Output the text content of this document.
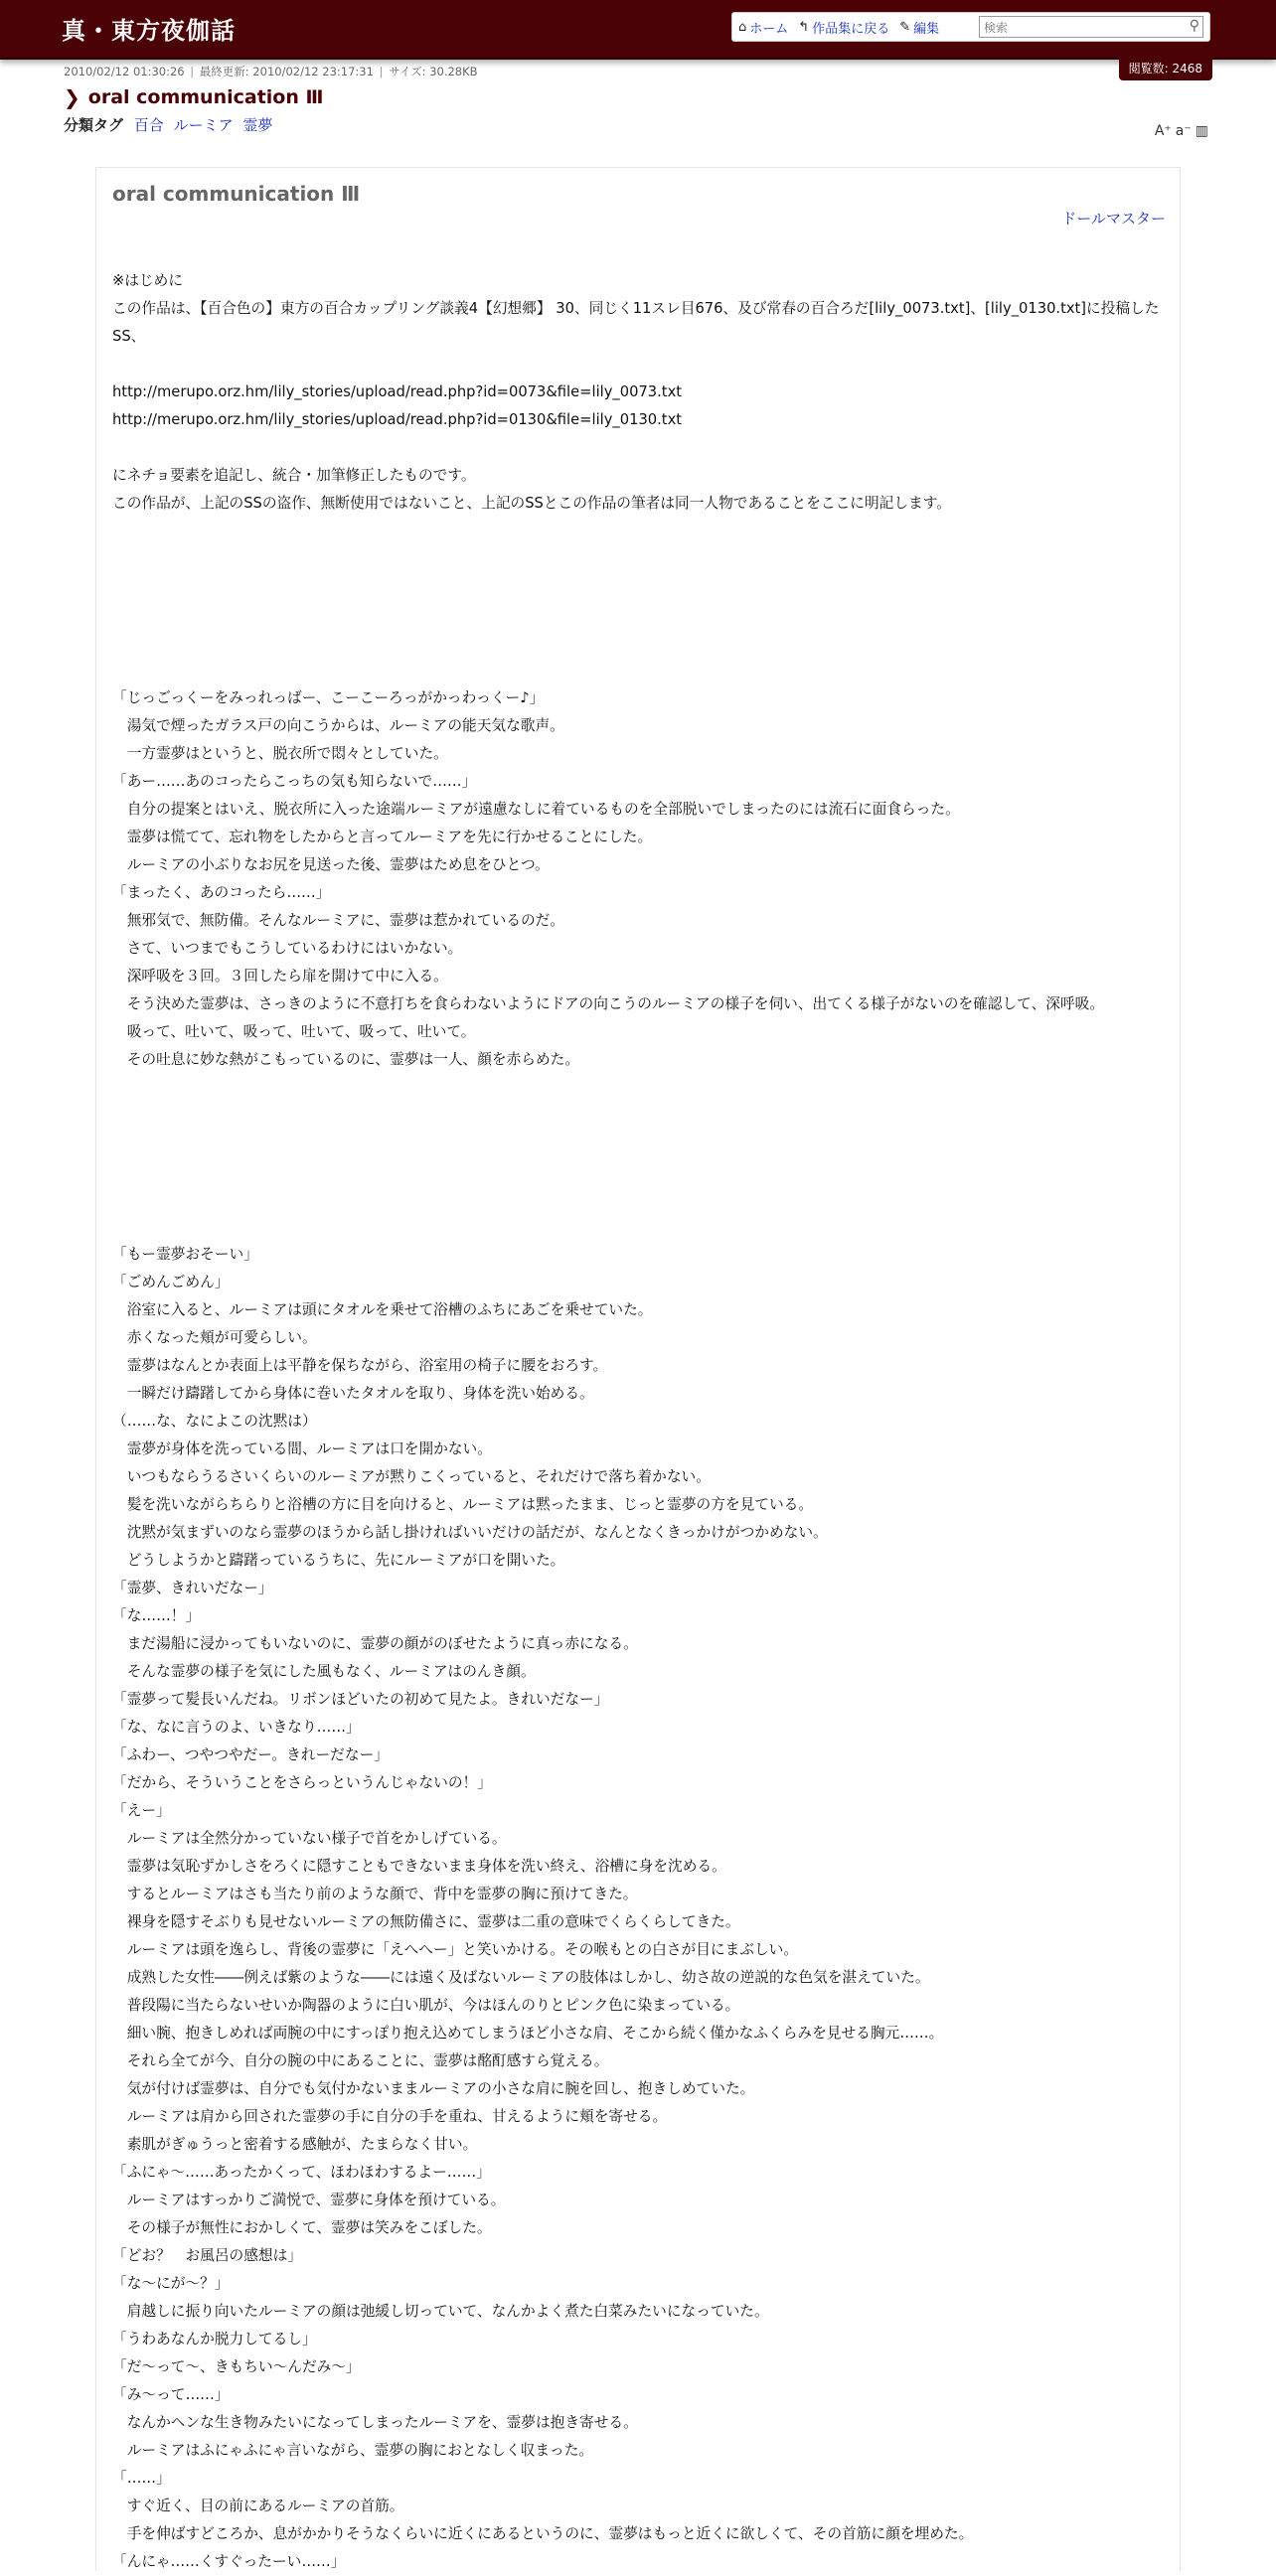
真・東方夜伽話	⌂ ホーム ↰ 作品集に戻る ✎ 編集
検索	⚲
閲覧数: 2468
2010/02/12 01:30:26 | 最終更新: 2010/02/12 23:17:31 | サイズ: 30.28KB
❯ oral communication Ⅲ
分類タグ 百合 ルーミア 霊夢	A⁺ a⁻ ▥
oral communication Ⅲ
ドールマスター

※はじめに

この作品は、【百合色の】東方の百合カップリング談義4【幻想郷】 30、同じく11スレ目676、及び常春の百合ろだ[lily_0073.txt]、[lily_0130.txt]に投稿したSS、

http://merupo.orz.hm/lily_stories/upload/read.php?id=0073&file=lily_0073.txt

http://merupo.orz.hm/lily_stories/upload/read.php?id=0130&file=lily_0130.txt

にネチョ要素を追記し、統合・加筆修正したものです。

この作品が、上記のSSの盗作、無断使用ではないこと、上記のSSとこの作品の筆者は同一人物であることをここに明記します。

「じっごっくーをみっれっばー、こーこーろっがかっわっくー♪」

　湯気で煙ったガラス戸の向こうからは、ルーミアの能天気な歌声。

　一方霊夢はというと、脱衣所で悶々としていた。

「あー……あのコったらこっちの気も知らないで……」

　自分の提案とはいえ、脱衣所に入った途端ルーミアが遠慮なしに着ているものを全部脱いでしまったのには流石に面食らった。

　霊夢は慌てて、忘れ物をしたからと言ってルーミアを先に行かせることにした。

　ルーミアの小ぶりなお尻を見送った後、霊夢はため息をひとつ。

「まったく、あのコったら……」

　無邪気で、無防備。そんなルーミアに、霊夢は惹かれているのだ。

　さて、いつまでもこうしているわけにはいかない。

　深呼吸を３回。３回したら扉を開けて中に入る。

　そう決めた霊夢は、さっきのように不意打ちを食らわないようにドアの向こうのルーミアの様子を伺い、出てくる様子がないのを確認して、深呼吸。

　吸って、吐いて、吸って、吐いて、吸って、吐いて。

　その吐息に妙な熱がこもっているのに、霊夢は一人、顔を赤らめた。

「もー霊夢おそーい」

「ごめんごめん」

　浴室に入ると、ルーミアは頭にタオルを乗せて浴槽のふちにあごを乗せていた。

　赤くなった頬が可愛らしい。

　霊夢はなんとか表面上は平静を保ちながら、浴室用の椅子に腰をおろす。

　一瞬だけ躊躇してから身体に巻いたタオルを取り、身体を洗い始める。

（……な、なによこの沈黙は）

　霊夢が身体を洗っている間、ルーミアは口を開かない。

　いつもならうるさいくらいのルーミアが黙りこくっていると、それだけで落ち着かない。

　髪を洗いながらちらりと浴槽の方に目を向けると、ルーミアは黙ったまま、じっと霊夢の方を見ている。

　沈黙が気まずいのなら霊夢のほうから話し掛ければいいだけの話だが、なんとなくきっかけがつかめない。

　どうしようかと躊躇っているうちに、先にルーミアが口を開いた。

「霊夢、きれいだなー」

「な……！」

　まだ湯船に浸かってもいないのに、霊夢の顔がのぼせたように真っ赤になる。

　そんな霊夢の様子を気にした風もなく、ルーミアはのんき顔。

「霊夢って髪長いんだね。リボンほどいたの初めて見たよ。きれいだなー」

「な、なに言うのよ、いきなり……」

「ふわー、つやつやだー。きれーだなー」

「だから、そういうことをさらっというんじゃないの！」

「えー」

　ルーミアは全然分かっていない様子で首をかしげている。

　霊夢は気恥ずかしさをろくに隠すこともできないまま身体を洗い終え、浴槽に身を沈める。

　するとルーミアはさも当たり前のような顔で、背中を霊夢の胸に預けてきた。

　裸身を隠すそぶりも見せないルーミアの無防備さに、霊夢は二重の意味でくらくらしてきた。

　ルーミアは頭を逸らし、背後の霊夢に「えへへー」と笑いかける。その喉もとの白さが目にまぶしい。

　成熟した女性――例えば紫のような――には遠く及ばないルーミアの肢体はしかし、幼さ故の逆説的な色気を湛えていた。

　普段陽に当たらないせいか陶器のように白い肌が、今はほんのりとピンク色に染まっている。

　細い腕、抱きしめれば両腕の中にすっぽり抱え込めてしまうほど小さな肩、そこから続く僅かなふくらみを見せる胸元……。

　それら全てが今、自分の腕の中にあることに、霊夢は酩酊感すら覚える。

　気が付けば霊夢は、自分でも気付かないままルーミアの小さな肩に腕を回し、抱きしめていた。

　ルーミアは肩から回された霊夢の手に自分の手を重ね、甘えるように頬を寄せる。

　素肌がぎゅうっと密着する感触が、たまらなく甘い。

「ふにゃ～……あったかくって、ほわほわするよー……」

　ルーミアはすっかりご満悦で、霊夢に身体を預けている。

　その様子が無性におかしくて、霊夢は笑みをこぼした。

「どお？　お風呂の感想は」

「な～にが～？」

　肩越しに振り向いたルーミアの顔は弛緩し切っていて、なんかよく煮た白菜みたいになっていた。

「うわあなんか脱力してるし」

「だ～って～、きもちい～んだみ～」

「み～って……」

　なんかヘンな生き物みたいになってしまったルーミアを、霊夢は抱き寄せる。

　ルーミアはふにゃふにゃ言いながら、霊夢の胸におとなしく収まった。

「……」

　すぐ近く、目の前にあるルーミアの首筋。

　手を伸ばすどころか、息がかかりそうなくらいに近くにあるというのに、霊夢はもっと近くに欲しくて、その首筋に顔を埋めた。

「んにゃ……くすぐったーい……」
